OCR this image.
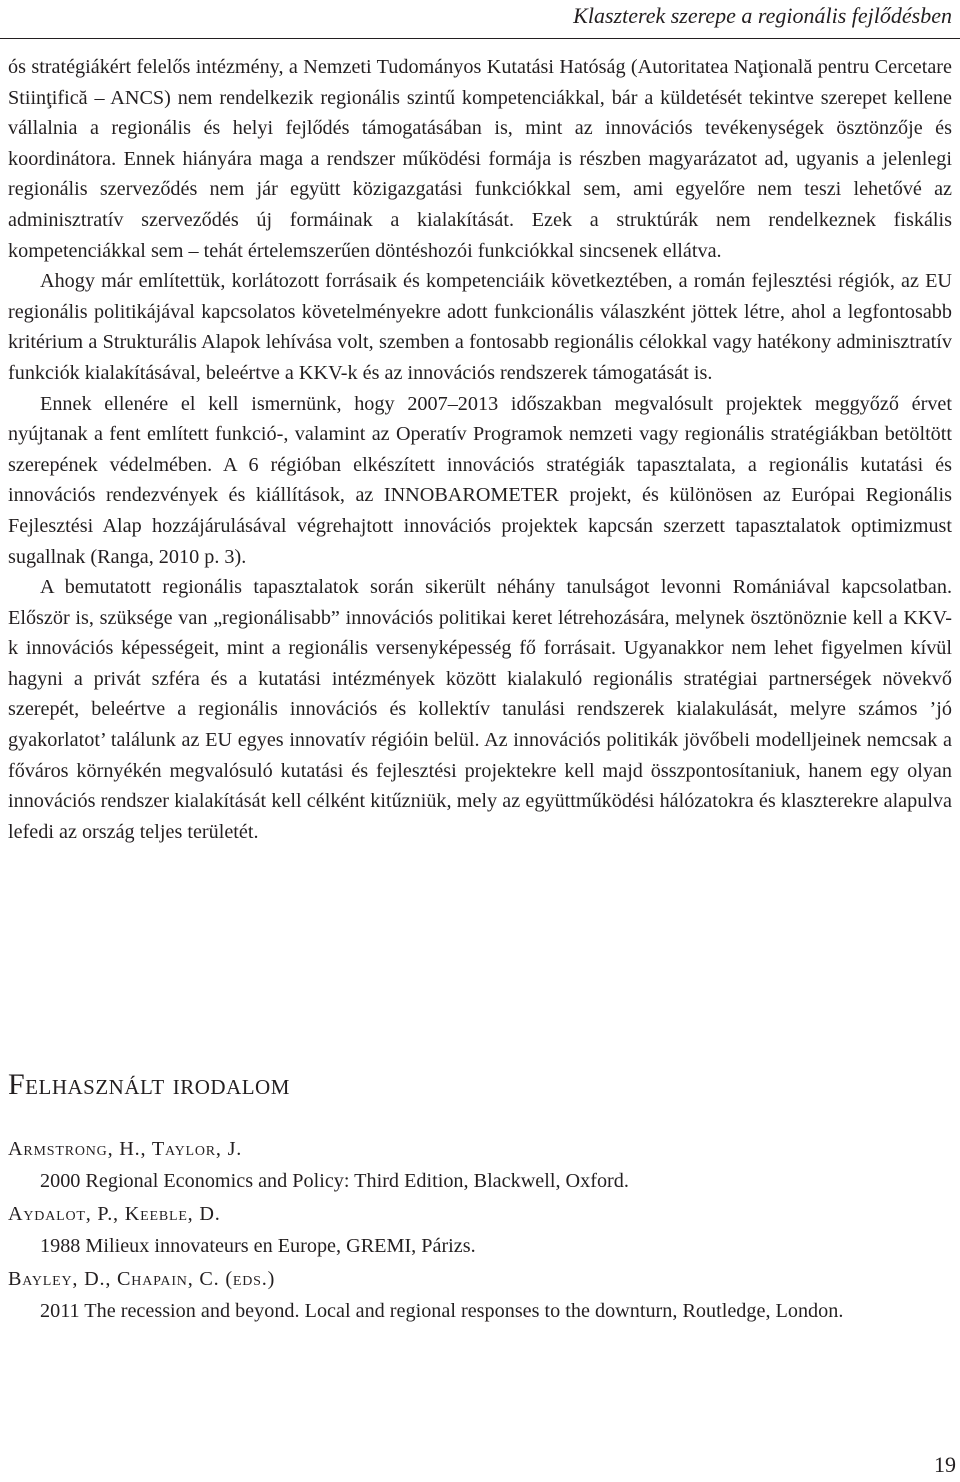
Klaszterek szerepe a regionális fejlődésben

ós stratégiákért felelős intézmény, a Nemzeti Tudományos Kutatási Hatóság (Autoritatea Naţională pentru Cercetare Stiinţifică – ANCS) nem rendelkezik regionális szintű kompetenciákkal, bár a küldetését tekintve szerepet kellene vállalnia a regionális és helyi fejlődés támogatásában is, mint az innovációs tevékenységek ösztönzője és koordinátora. Ennek hiányára maga a rendszer működési formája is részben magyarázatot ad, ugyanis a jelenlegi regionális szerveződés nem jár együtt közigazgatási funkciókkal sem, ami egyelőre nem teszi lehetővé az adminisztratív szerveződés új formáinak a kialakítását. Ezek a struktúrák nem rendelkeznek fiskális kompetenciákkal sem – tehát értelemszerűen döntéshozói funkciókkal sincsenek ellátva.

Ahogy már említettük, korlátozott forrásaik és kompetenciáik következtében, a román fejlesztési régiók, az EU regionális politikájával kapcsolatos követelményekre adott funkcionális válaszként jöttek létre, ahol a legfontosabb kritérium a Strukturális Alapok lehívása volt, szemben a fontosabb regionális célokkal vagy hatékony adminisztratív funkciók kialakításával, beleértve a KKV-k és az innovációs rendszerek támogatását is.

Ennek ellenére el kell ismernünk, hogy 2007–2013 időszakban megvalósult projektek meggyőző érvet nyújtanak a fent említett funkció-, valamint az Operatív Programok nemzeti vagy regionális stratégiákban betöltött szerepének védelmében. A 6 régióban elkészített innovációs stratégiák tapasztalata, a regionális kutatási és innovációs rendezvények és kiállítások, az INNOBAROMETER projekt, és különösen az Európai Regionális Fejlesztési Alap hozzájárulásával végrehajtott innovációs projektek kapcsán szerzett tapasztalatok optimizmust sugallnak (Ranga, 2010 p. 3).

A bemutatott regionális tapasztalatok során sikerült néhány tanulságot levonni Romániával kapcsolatban. Először is, szüksége van „regionálisabb” innovációs politikai keret létrehozására, melynek ösztönöznie kell a KKV-k innovációs képességeit, mint a regionális versenyképesség fő forrásait. Ugyanakkor nem lehet figyelmen kívül hagyni a privát szféra és a kutatási intézmények között kialakuló regionális stratégiai partnerségek növekvő szerepét, beleértve a regionális innovációs és kollektív tanulási rendszerek kialakulását, melyre számos ’jó gyakorlatot’ találunk az EU egyes innovatív régióin belül. Az innovációs politikák jövőbeli modelljeinek nemcsak a főváros környékén megvalósuló kutatási és fejlesztési projektekre kell majd összpontosítaniuk, hanem egy olyan innovációs rendszer kialakítását kell célként kitűzniük, mely az együttműködési hálózatokra és klaszterekre alapulva lefedi az ország teljes területét.

Felhasznált irodalom
Armstrong, H., Taylor, J.
2000 Regional Economics and Policy: Third Edition, Blackwell, Oxford.
Aydalot, P., Keeble, D.
1988 Milieux innovateurs en Europe, GREMI, Párizs.
Bayley, D., Chapain, C. (eds.)
2011 The recession and beyond. Local and regional responses to the downturn, Routledge, London.
19
